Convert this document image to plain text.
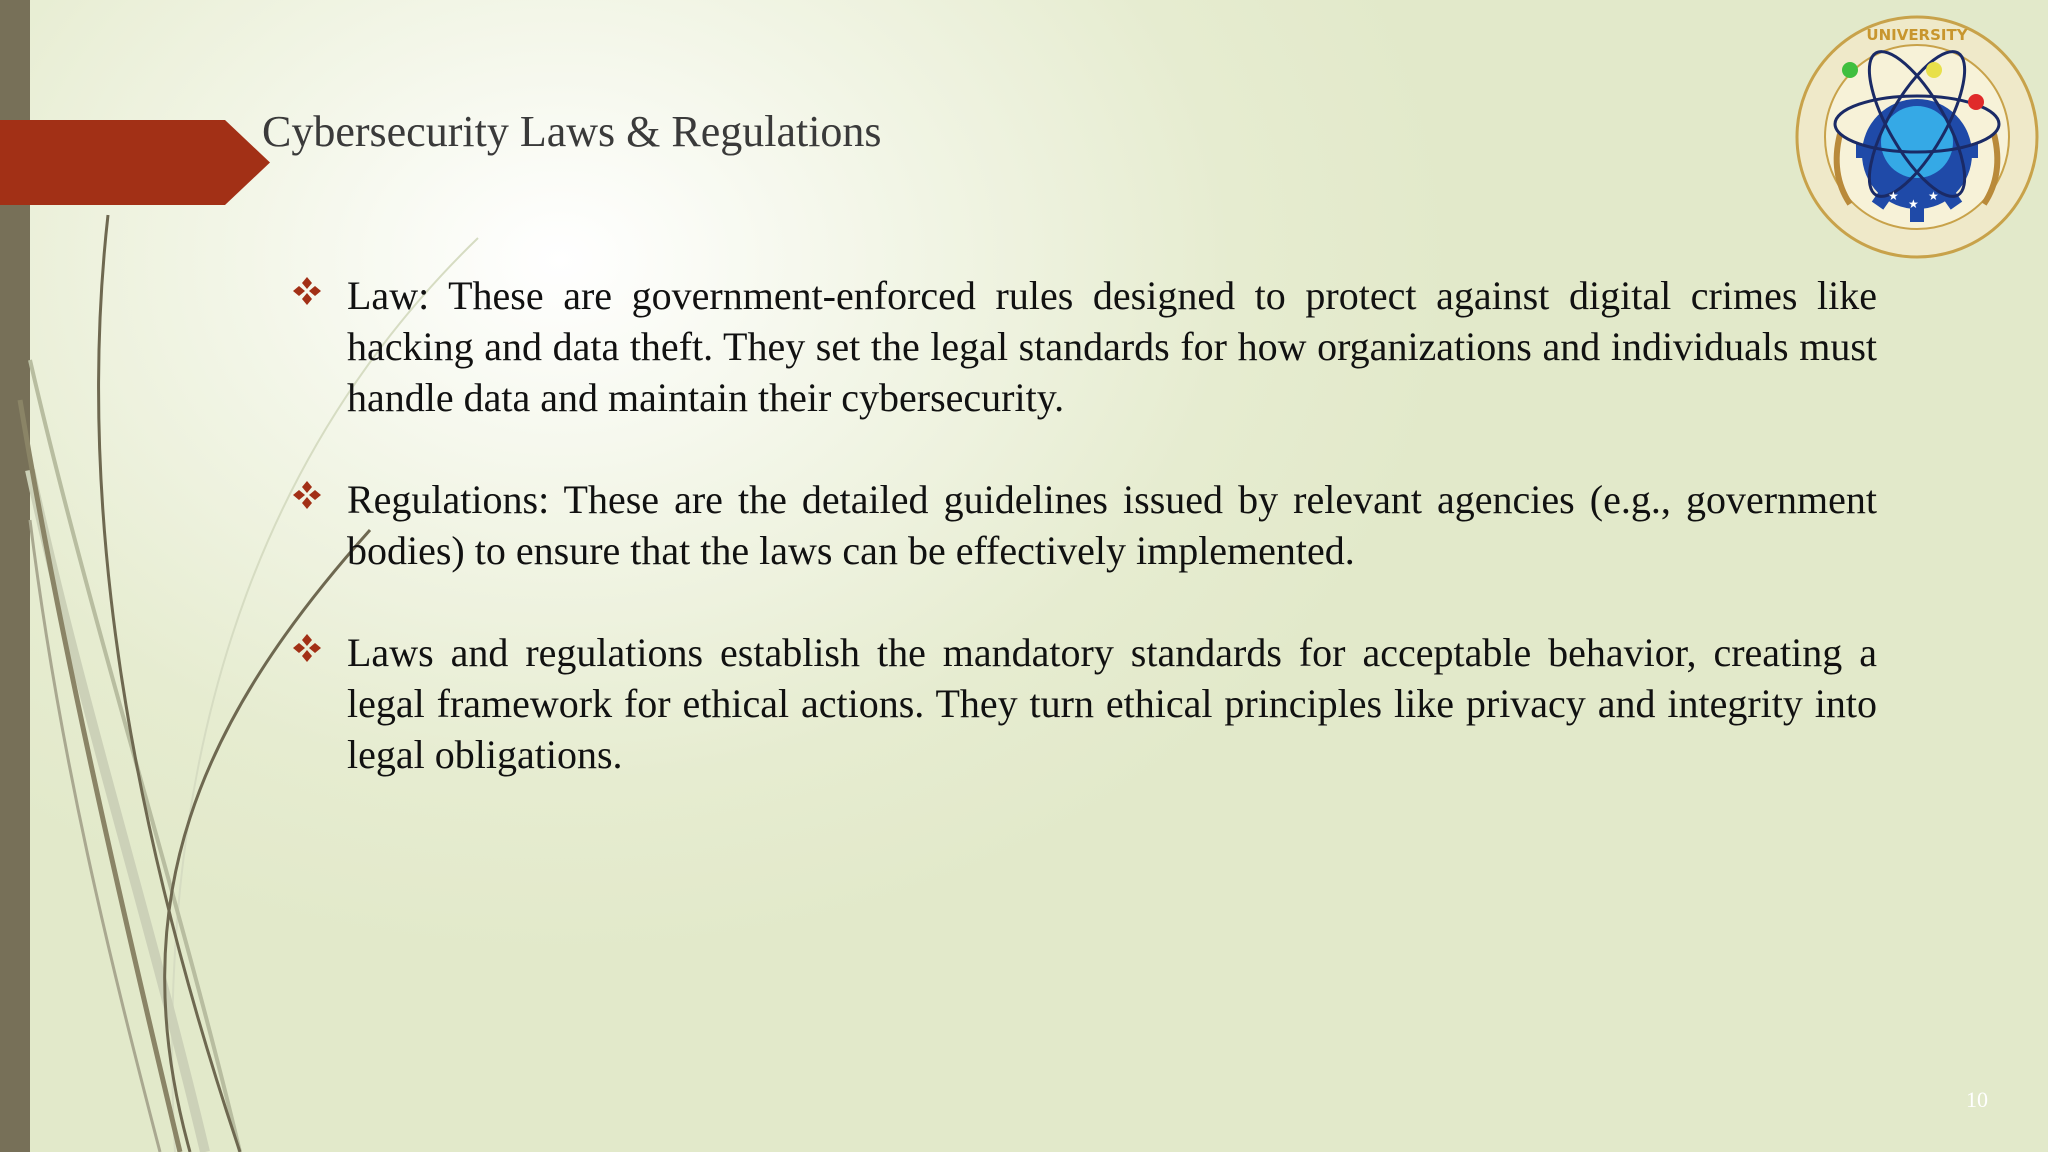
Cybersecurity Laws & Regulations
★
★
★
UNIVERSITY

Law: These are government-enforced rules designed to protect against digital crimes like hacking and data theft. They set the legal standards for how organizations and individuals must handle data and maintain their cybersecurity.

Regulations: These are the detailed guidelines issued by relevant agencies (e.g., government bodies) to ensure that the laws can be effectively implemented.

Laws and regulations establish the mandatory standards for acceptable behavior, creating a legal framework for ethical actions. They turn ethical principles like privacy and integrity into legal obligations.

10
